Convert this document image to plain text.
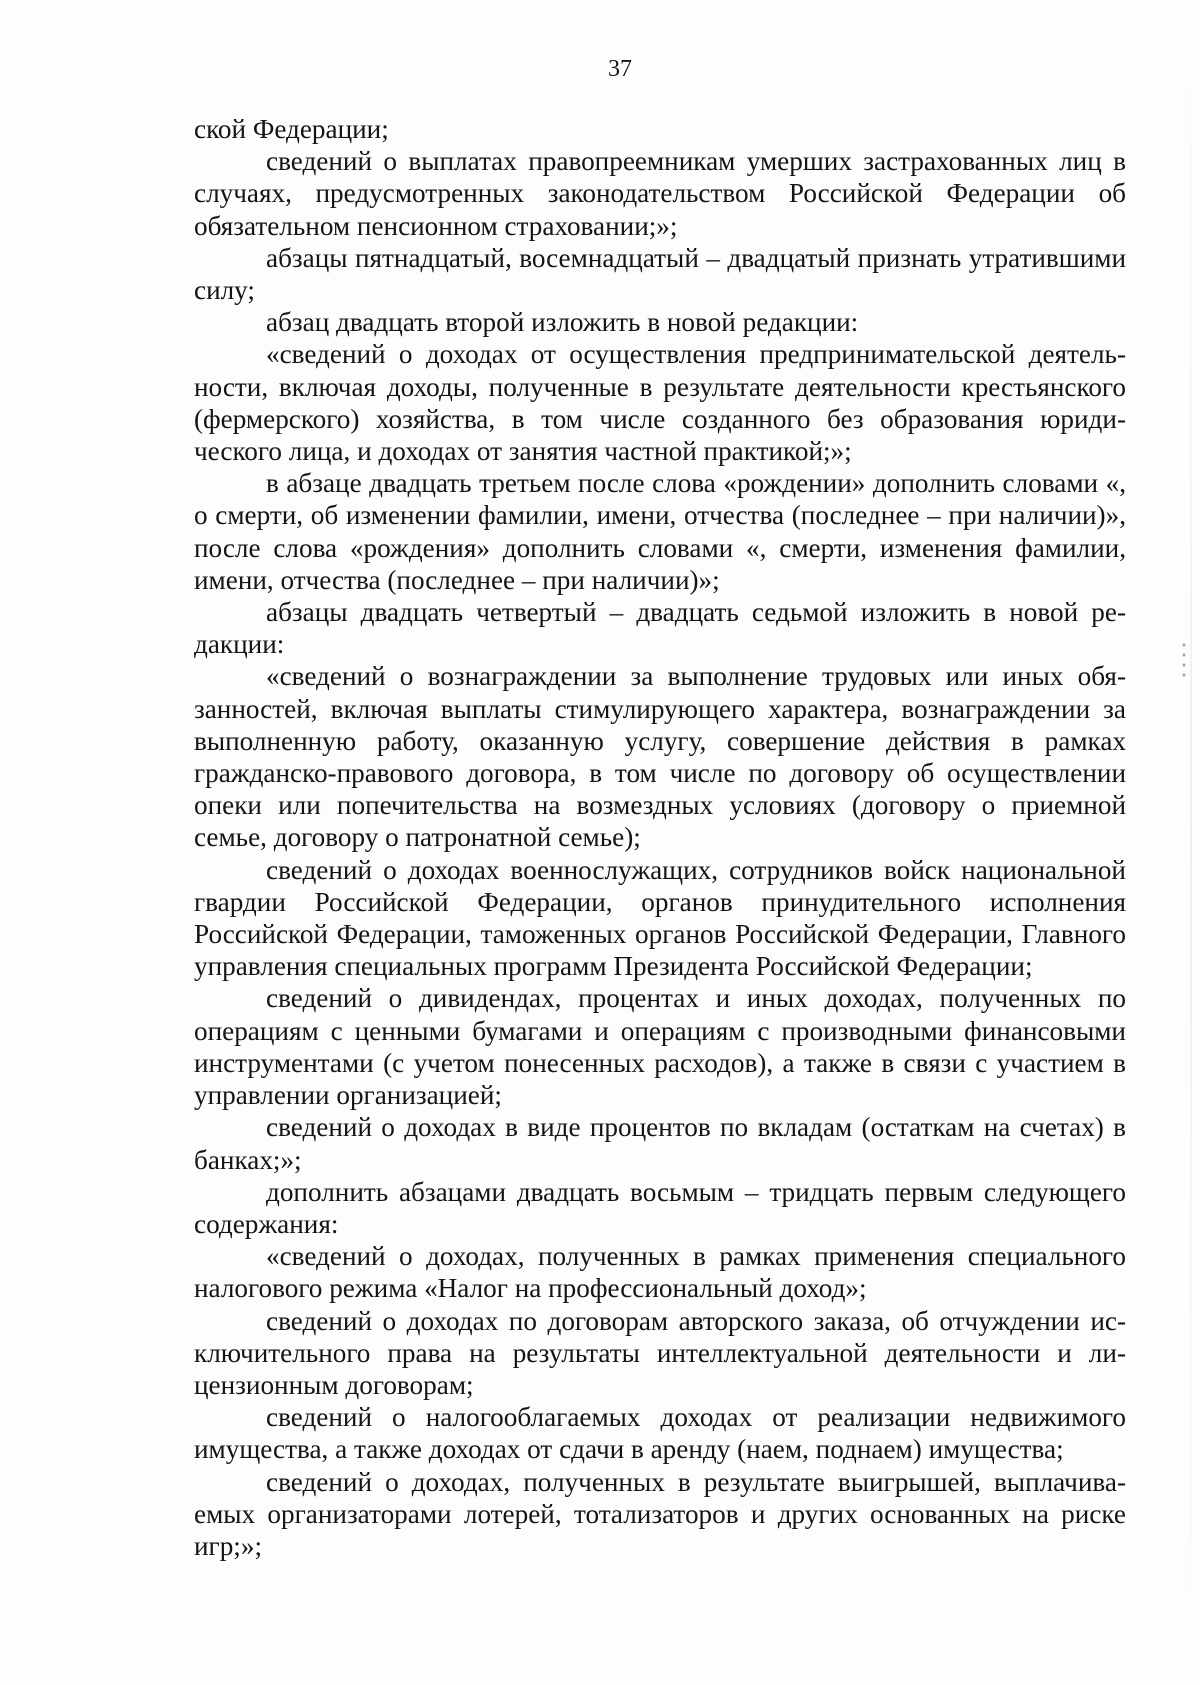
37

ской Федерации;

сведений о выплатах правопреемникам умерших застрахованных лиц в случаях, предусмотренных законодательством Российской Федерации об обязательном пенсионном страховании;»;

абзацы пятнадцатый, восемнадцатый – двадцатый признать утратившими силу;

абзац двадцать второй изложить в новой редакции:

«сведений о доходах от осуществления предпринимательской деятельности, включая доходы, полученные в результате деятельности крестьянского (фермерского) хозяйства, в том числе созданного без образования юридического лица, и доходах от занятия частной практикой;»;

в абзаце двадцать третьем после слова «рождении» дополнить словами «, о смерти, об изменении фамилии, имени, отчества (последнее – при наличии)», после слова «рождения» дополнить словами «, смерти, изменения фамилии, имени, отчества (последнее – при наличии)»;

абзацы двадцать четвертый – двадцать седьмой изложить в новой редакции:

«сведений о вознаграждении за выполнение трудовых или иных обязанностей, включая выплаты стимулирующего характера, вознаграждении за выполненную работу, оказанную услугу, совершение действия в рамках гражданско-правового договора, в том числе по договору об осуществлении опеки или попечительства на возмездных условиях (договору о приемной семье, договору о патронатной семье);

сведений о доходах военнослужащих, сотрудников войск национальной гвардии Российской Федерации, органов принудительного исполнения Российской Федерации, таможенных органов Российской Федерации, Главного управления специальных программ Президента Российской Федерации;

сведений о дивидендах, процентах и иных доходах, полученных по операциям с ценными бумагами и операциям с производными финансовыми инструментами (с учетом понесенных расходов), а также в связи с участием в управлении организацией;

сведений о доходах в виде процентов по вкладам (остаткам на счетах) в банках;»;

дополнить абзацами двадцать восьмым – тридцать первым следующего содержания:

«сведений о доходах, полученных в рамках применения специального налогового режима «Налог на профессиональный доход»;

сведений о доходах по договорам авторского заказа, об отчуждении исключительного права на результаты интеллектуальной деятельности и лицензионным договорам;

сведений о налогооблагаемых доходах от реализации недвижимого имущества, а также доходах от сдачи в аренду (наем, поднаем) имущества;

сведений о доходах, полученных в результате выигрышей, выплачиваемых организаторами лотерей, тотализаторов и других основанных на риске игр;»;
